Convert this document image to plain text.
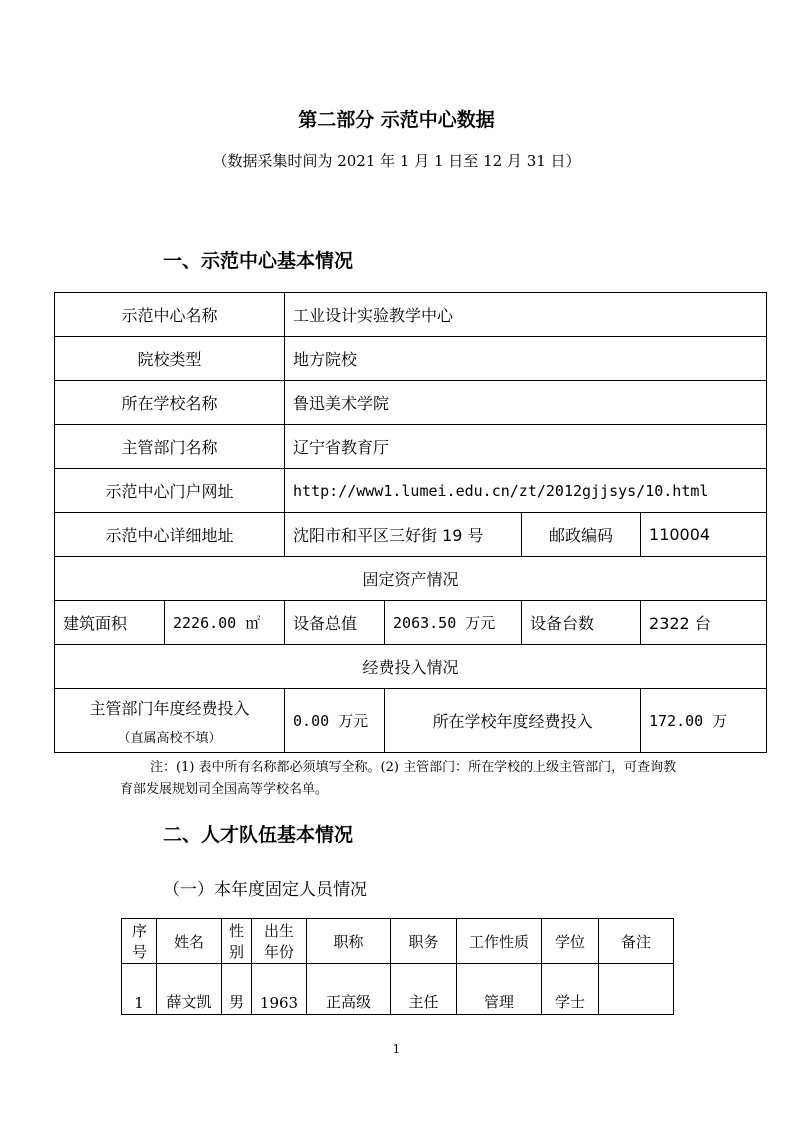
第二部分 示范中心数据
（数据采集时间为 2021 年 1 月 1 日至 12 月 31 日）
一、示范中心基本情况
示范中心名称		工业设计实验教学中心			
院校类型		地方院校			
所在学校名称		鲁迅美术学院			
主管部门名称		辽宁省教育厅			
示范中心门户网址		http://www1.lumei.edu.cn/zt/2012gjjsys/10.html			
示范中心详细地址		沈阳市和平区三好街 19 号		邮政编码	110004
固定资产情况					
建筑面积	2226.00 ㎡	设备总值	2063.50 万元	设备台数	2322 台
经费投入情况					
主管部门年度经费投入
（直属高校不填）		0.00 万元	所在学校年度经费投入		172.00 万
注：(1) 表中所有名称都必须填写全称。(2) 主管部门：所在学校的上级主管部门，可查询教育部发展规划司全国高等学校名单。
二、人才队伍基本情况
（一）本年度固定人员情况
序号	姓名	性别	出生年份	职称	职务	工作性质	学位	备注
1	薛文凯	男	1963	正高级	主任	管理	学士	
1
